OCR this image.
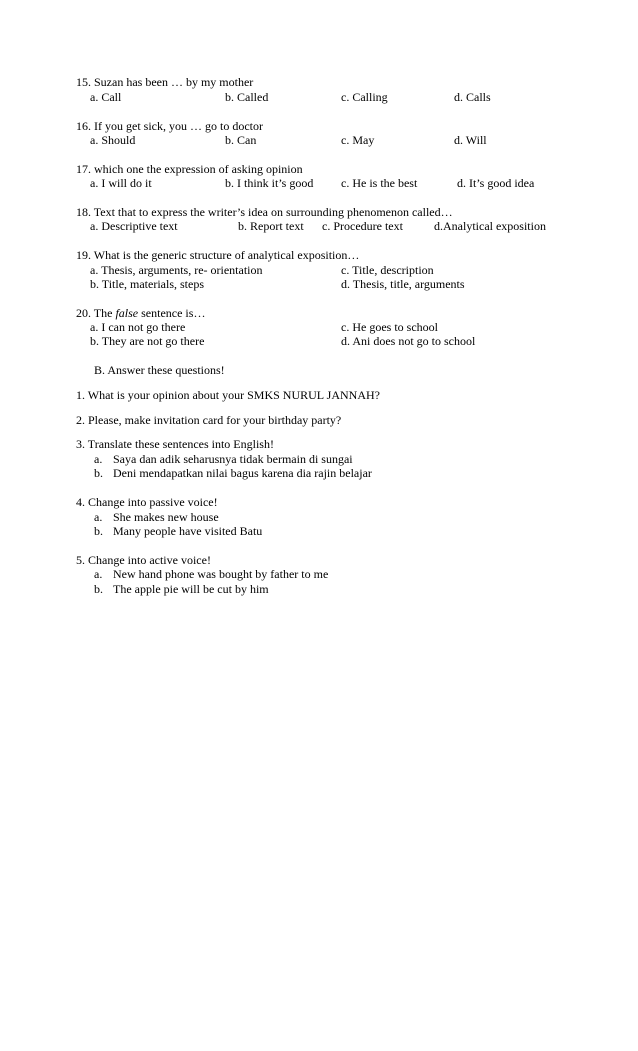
15. Suzan has been … by my mother
a. Call	b. Called	c. Calling	d. Calls
16. If you get sick, you … go to doctor
a. Should	b. Can	c. May	d. Will
17. which one the expression of asking opinion
a. I will do it	b. I think it’s good c. He is the best	d. It’s good idea
18. Text that to express the writer’s idea on surrounding phenomenon called…
a. Descriptive text	b. Report text c. Procedure text	d.Analytical exposition
19. What is the generic structure of analytical exposition…
a. Thesis, arguments, re- orientation	c. Title, description
b. Title, materials, steps	d. Thesis, title, arguments
20. The false sentence is…
a. I can not go there	c. He goes to school
b. They are not go there	d. Ani does not go to school
B. Answer these questions!
1. What is your opinion about your SMKS NURUL JANNAH?
2. Please, make invitation card for your birthday party?
3. Translate these sentences into English!
a. Saya dan adik seharusnya tidak bermain di sungai
b. Deni mendapatkan nilai bagus karena dia rajin belajar
4. Change into passive voice!
a. She makes new house
b. Many people have visited Batu
5. Change into active voice!
a. New hand phone was bought by father to me
b. The apple pie will be cut by him
